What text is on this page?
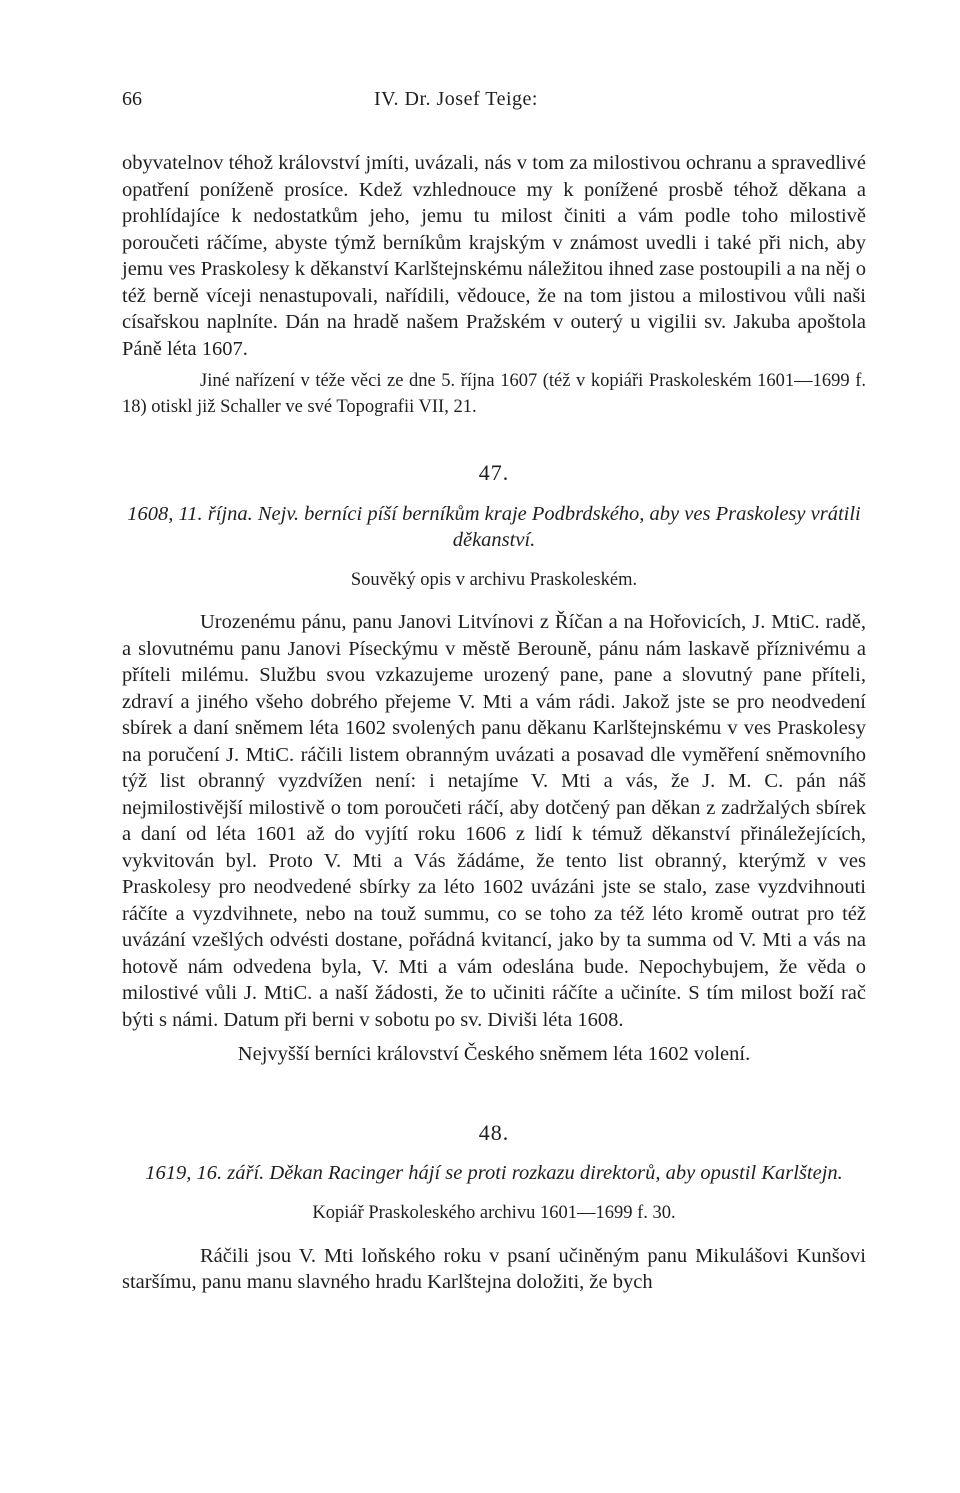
66	IV. Dr. Josef Teige:

obyvatelnov téhož království jmíti, uvázali, nás v tom za milostivou ochranu a spravedlivé opatření poníženě prosíce. Kdež vzhlednouce my k ponížené prosbě téhož děkana a prohlídajíce k nedostatkům jeho, jemu tu milost činiti a vám podle toho milostivě poroučeti ráčíme, abyste týmž berníkům krajským v známost uvedli i také při nich, aby jemu ves Praskolesy k děkanství Karlštejnskému náležitou ihned zase postoupili a na něj o též berně víceji nenastupovali, nařídili, vědouce, že na tom jistou a milostivou vůli naši císařskou naplníte. Dán na hradě našem Pražském v outerý u vigilii sv. Jakuba apoštola Páně léta 1607.

Jiné nařízení v téže věci ze dne 5. října 1607 (též v kopiáři Praskoleském 1601—1699 f. 18) otiskl již Schaller ve své Topografii VII, 21.

47.

1608, 11. října. Nejv. berníci píší berníkům kraje Podbrdského, aby ves Praskolesy vrátili děkanství.

Souvěký opis v archivu Praskoleském.

Urozenému pánu, panu Janovi Litvínovi z Říčan a na Hořovicích, J. MtiC. radě, a slovutnému panu Janovi Píseckýmu v městě Berouně, pánu nám laskavě příznivému a příteli milému. Službu svou vzkazujeme urozený pane, pane a slovutný pane příteli, zdraví a jiného všeho dobrého přejeme V. Mti a vám rádi. Jakož jste se pro neodvedení sbírek a daní sněmem léta 1602 svolených panu děkanu Karlštejnskému v ves Praskolesy na poručení J. MtiC. ráčili listem obranným uvázati a posavad dle vyměření sněmovního týž list obranný vyzdvížen není: i netajíme V. Mti a vás, že J. M. C. pán náš nejmilostivější milostivě o tom poroučeti ráčí, aby dotčený pan děkan z zadržalých sbírek a daní od léta 1601 až do vyjítí roku 1606 z lidí k témuž děkanství přináležejících, vykvitován byl. Proto V. Mti a Vás žádáme, že tento list obranný, kterýmž v ves Praskolesy pro neodvedené sbírky za léto 1602 uvázáni jste se stalo, zase vyzdvihnouti ráčíte a vyzdvihnete, nebo na touž summu, co se toho za též léto kromě outrat pro též uvázání vzešlých odvésti dostane, pořádná kvitancí, jako by ta summa od V. Mti a vás na hotově nám odvedena byla, V. Mti a vám odeslána bude. Nepochybujem, že věda o milostivé vůli J. MtiC. a naší žádosti, že to učiniti ráčíte a učiníte. S tím milost boží rač býti s námi. Datum při berni v sobotu po sv. Diviši léta 1608.

Nejvyšší berníci království Českého sněmem léta 1602 volení.

48.

1619, 16. září. Děkan Racinger hájí se proti rozkazu direktorů, aby opustil Karlštejn.

Kopiář Praskoleského archivu 1601—1699 f. 30.

Ráčili jsou V. Mti loňského roku v psaní učiněným panu Mikulášovi Kunšovi staršímu, panu manu slavného hradu Karlštejna doložiti, že bych
